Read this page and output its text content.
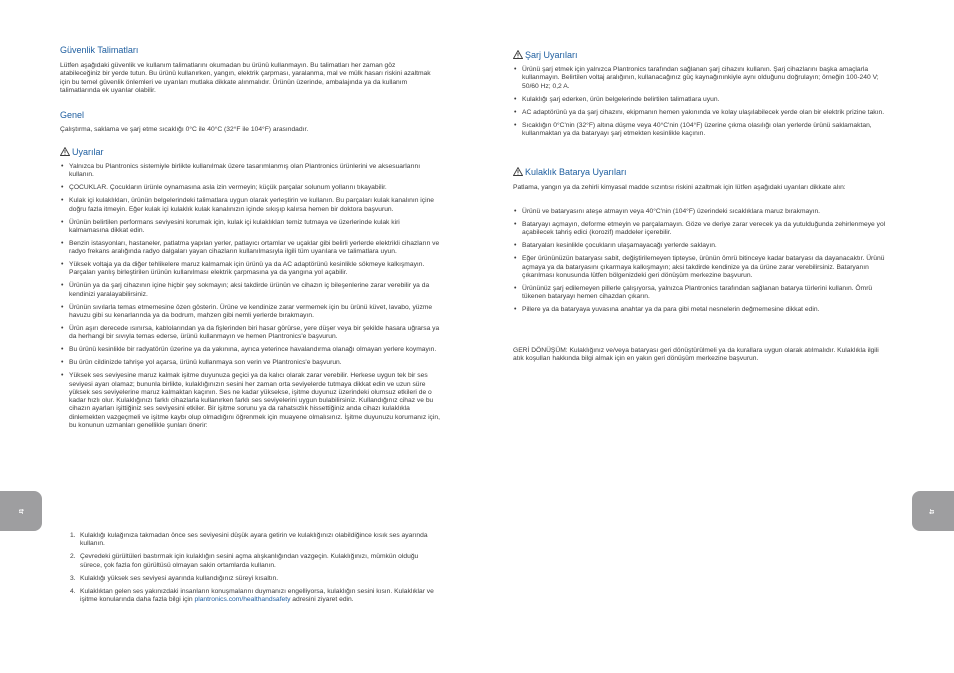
Güvenlik Talimatları

Lütfen aşağıdaki güvenlik ve kullanım talimatlarını okumadan bu ürünü kullanmayın. Bu talimatları her zaman göz atabileceğiniz bir yerde tutun. Bu ürünü kullanırken, yangın, elektrik çarpması, yaralanma, mal ve mülk hasarı riskini azaltmak için bu temel güvenlik önlemleri ve uyarıları mutlaka dikkate alınmalıdır. Ürünün üzerinde, ambalajında ya da kullanım talimatlarında ek uyarılar olabilir.

Genel

Çalıştırma, saklama ve şarj etme sıcaklığı 0°C ile 40°C (32°F ile 104°F) arasındadır.

Uyarılar
• Yalnızca bu Plantronics sistemiyle birlikte kullanılmak üzere tasarımlanmış olan Plantronics ürünlerini ve aksesuarlarını kullanın.
• ÇOCUKLAR. Çocukların ürünle oynamasına asla izin vermeyin; küçük parçalar solunum yollarını tıkayabilir.
• Kulak içi kulaklıkları, ürünün belgelerindeki talimatlara uygun olarak yerleştirin ve kullanın. Bu parçaları kulak kanalının içine doğru fazla itmeyin. Eğer kulak içi kulaklık kulak kanalınızın içinde sıkışıp kalırsa hemen bir doktora başvurun.
• Ürünün belirtilen performans seviyesini korumak için, kulak içi kulaklıkları temiz tutmaya ve üzerlerinde kulak kiri kalmamasına dikkat edin.
• Benzin istasyonları, hastaneler, patlatma yapılan yerler, patlayıcı ortamlar ve uçaklar gibi belirli yerlerde elektrikli cihazların ve radyo frekans aralığında radyo dalgaları yayan cihazların kullanılmasıyla ilgili tüm uyarılara ve talimatlara uyun.
• Yüksek voltaja ya da diğer tehlikelere maruz kalmamak için ürünü ya da AC adaptörünü kesinlikle sökmeye kalkışmayın. Parçaları yanlış birleştirilen ürünün kullanılması elektrik çarpmasına ya da yangına yol açabilir.
• Ürünün ya da şarj cihazının içine hiçbir şey sokmayın; aksi takdirde ürünün ve cihazın iç bileşenlerine zarar verebilir ya da kendinizi yaralayabilirsiniz.
• Ürünün sıvılarla temas etmemesine özen gösterin. Ürüne ve kendinize zarar vermemek için bu ürünü küvet, lavabo, yüzme havuzu gibi su kenarlarında ya da bodrum, mahzen gibi nemli yerlerde bırakmayın.
• Ürün aşırı derecede ısınırsa, kablolarından ya da fişlerinden biri hasar görürse, yere düşer veya bir şekilde hasara uğrarsa ya da herhangi bir sıvıyla temas ederse, ürünü kullanmayın ve hemen Plantronics'e başvurun.
• Bu ürünü kesinlikle bir radyatörün üzerine ya da yakınına, ayrıca yeterince havalandırma olanağı olmayan yerlere koymayın.
• Bu ürün cildinizde tahrişe yol açarsa, ürünü kullanmaya son verin ve Plantronics'e başvurun.
• Yüksek ses seviyesine maruz kalmak işitme duyunuza geçici ya da kalıcı olarak zarar verebilir. Herkese uygun tek bir ses seviyesi ayarı olamaz; bununla birlikte, kulaklığınızın sesini her zaman orta seviyelerde tutmaya dikkat edin ve uzun süre yüksek ses seviyelerine maruz kalmaktan kaçının. Ses ne kadar yüksekse, işitme duyunuz üzerindeki olumsuz etkileri de o kadar hızlı olur. Kulaklığınızı farklı cihazlarla kullanırken farklı ses seviyelerini uygun bulabilirsiniz. Kullandığınız cihaz ve bu cihazın ayarları işittiğiniz ses seviyesini etkiler. Bir işitme sorunu ya da rahatsızlık hissettiğiniz anda cihazı kulaklıkla dinlemekten vazgeçmeli ve işitme kaybı olup olmadığını öğrenmek için muayene olmalısınız. İşitme duyunuzu korumanız için, bu konunun uzmanları genellikle şunları önerir:
1. Kulaklığı kulağınıza takmadan önce ses seviyesini düşük ayara getirin ve kulaklığınızı olabildiğince kısık ses ayarında kullanın.
2. Çevredeki gürültüleri bastırmak için kulaklığın sesini açma alışkanlığından vazgeçin. Kulaklığınızı, mümkün olduğu sürece, çok fazla fon gürültüsü olmayan sakin ortamlarda kullanın.
3. Kulaklığı yüksek ses seviyesi ayarında kullandığınız süreyi kısaltın.
4. Kulaklıktan gelen ses yakınızdaki insanların konuşmalarını duymanızı engelliyorsa, kulaklığın sesini kısın. Kulaklıklar ve işitme konularında daha fazla bilgi için plantronics.com/healthandsafety adresini ziyaret edin.
Şarj Uyarıları
• Ürünü şarj etmek için yalnızca Plantronics tarafından sağlanan şarj cihazını kullanın. Şarj cihazlarını başka amaçlarla kullanmayın. Belirtilen voltaj aralığının, kullanacağınız güç kaynağınınkiyle aynı olduğunu doğrulayın; örneğin 100-240 V; 50/60 Hz; 0,2 A.
• Kulaklığı şarj ederken, ürün belgelerinde belirtilen talimatlara uyun.
• AC adaptörünü ya da şarj cihazını, ekipmanın hemen yakınında ve kolay ulaşılabilecek yerde olan bir elektrik prizine takın.
• Sıcaklığın 0°C'nin (32°F) altına düşme veya 40°C'nin (104°F) üzerine çıkma olasılığı olan yerlerde ürünü saklamaktan, kullanmaktan ya da bataryayı şarj etmekten kesinlikle kaçının.
Kulaklık Batarya Uyarıları

Patlama, yangın ya da zehirli kimyasal madde sızıntısı riskini azaltmak için lütfen aşağıdaki uyarıları dikkate alın:

• Ürünü ve bataryasını ateşe atmayın veya 40°C'nin (104°F) üzerindeki sıcaklıklara maruz bırakmayın.
• Bataryayı açmayın, deforme etmeyin ve parçalamayın. Göze ve deriye zarar verecek ya da yutulduğunda zehirlenmeye yol açabilecek tahriş edici (korozif) maddeler içerebilir.
• Bataryaları kesinlikle çocukların ulaşamayacağı yerlerde saklayın.
• Eğer ürününüzün bataryası sabit, değiştirilemeyen tipteyse, ürünün ömrü bitinceye kadar bataryası da dayanacaktır. Ürünü açmaya ya da bataryasını çıkarmaya kalkışmayın; aksi takdirde kendinize ya da ürüne zarar verebilirsiniz. Bataryanın çıkarılması konusunda lütfen bölgenizdeki geri dönüşüm merkezine başvurun.
• Ürününüz şarj edilemeyen pillerle çalışıyorsa, yalnızca Plantronics tarafından sağlanan batarya türlerini kullanın. Ömrü tükenen bataryayı hemen cihazdan çıkarın.
• Pillere ya da bataryaya yuvasına anahtar ya da para gibi metal nesnelerin değmemesine dikkat edin.

GERİ DÖNÜŞÜM: Kulaklığınız ve/veya bataryası geri dönüştürülmeli ya da kurallara uygun olarak atılmalıdır. Kulaklıkla ilgili atık koşulları hakkında bilgi almak için en yakın geri dönüşüm merkezine başvurun.

tr	tr
